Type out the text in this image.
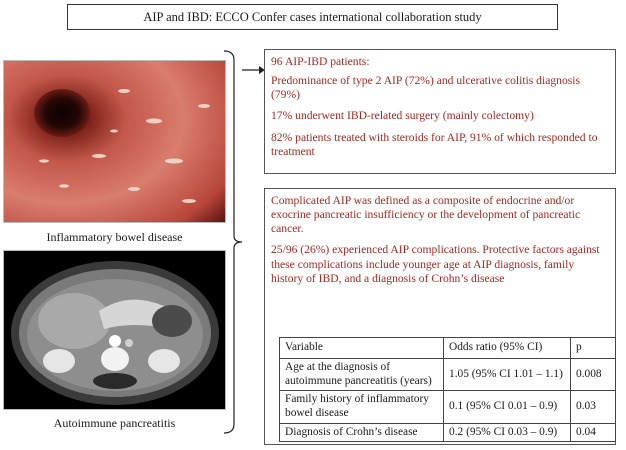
AIP and IBD: ECCO Confer cases international collaboration study
Inflammatory bowel disease
Autoimmune pancreatitis

96 AIP-IBD patients:

Predominance of type 2 AIP (72%) and ulcerative colitis diagnosis (79%)

17% underwent IBD-related surgery (mainly colectomy)

82% patients treated with steroids for AIP, 91% of which responded to treatment

Complicated AIP was defined as a composite of endocrine and/or exocrine pancreatic insufficiency or the development of pancreatic cancer.

25/96 (26%) experienced AIP complications. Protective factors against these complications include younger age at AIP diagnosis, family history of IBD, and a diagnosis of Crohn’s disease

Variable	Odds ratio (95% CI)	p
Age at the diagnosis of autoimmune pancreatitis (years)	1.05 (95% CI 1.01 – 1.1)	0.008
Family history of inflammatory bowel disease	0.1 (95% CI 0.01 – 0.9)	0.03
Diagnosis of Crohn’s disease	0.2 (95% CI 0.03 – 0.9)	0.04
